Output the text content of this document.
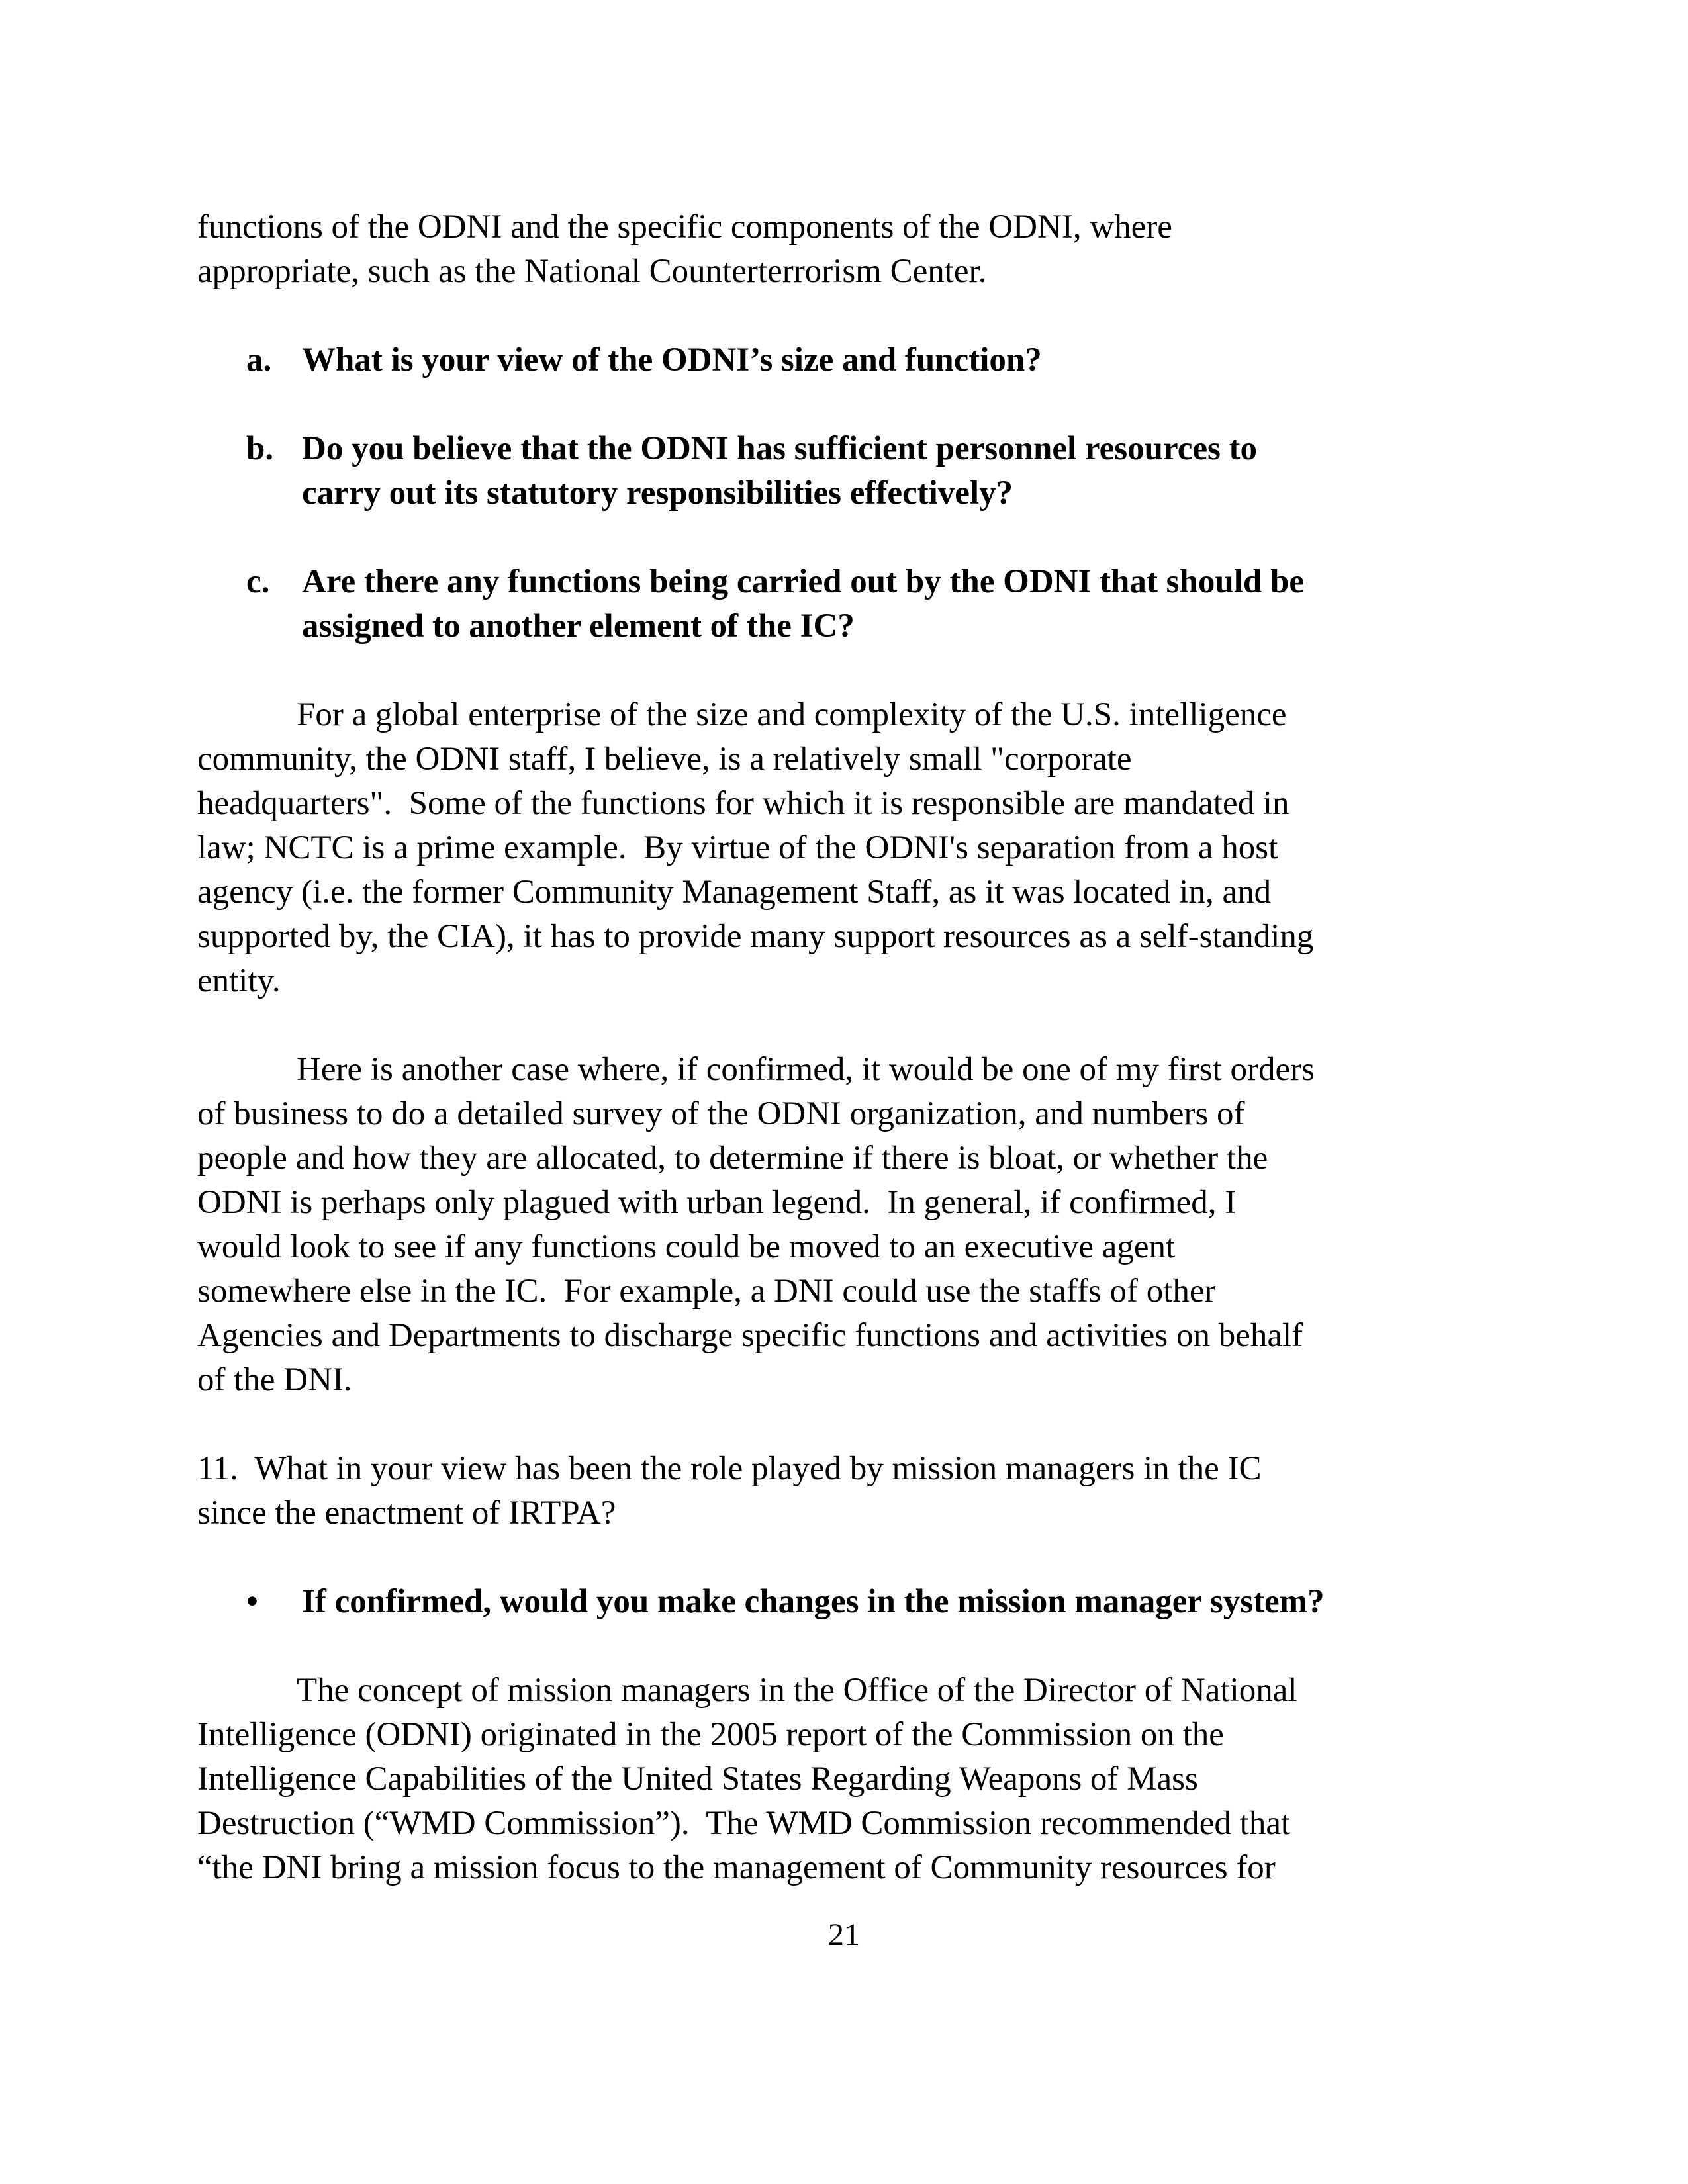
functions of the ODNI and the specific components of the ODNI, where
appropriate, such as the National Counterterrorism Center.

a. What is your view of the ODNI’s size and function?
b. Do you believe that the ODNI has sufficient personnel resources to
carry out its statutory responsibilities effectively?
c. Are there any functions being carried out by the ODNI that should be
assigned to another element of the IC?

For a global enterprise of the size and complexity of the U.S. intelligence
community, the ODNI staff, I believe, is a relatively small "corporate
headquarters".  Some of the functions for which it is responsible are mandated in
law; NCTC is a prime example.  By virtue of the ODNI's separation from a host
agency (i.e. the former Community Management Staff, as it was located in, and
supported by, the CIA), it has to provide many support resources as a self-standing
entity.

Here is another case where, if confirmed, it would be one of my first orders
of business to do a detailed survey of the ODNI organization, and numbers of
people and how they are allocated, to determine if there is bloat, or whether the
ODNI is perhaps only plagued with urban legend.  In general, if confirmed, I
would look to see if any functions could be moved to an executive agent
somewhere else in the IC.  For example, a DNI could use the staffs of other
Agencies and Departments to discharge specific functions and activities on behalf
of the DNI.

11.  What in your view has been the role played by mission managers in the IC
since the enactment of IRTPA?

•	If confirmed, would you make changes in the mission manager system?

The concept of mission managers in the Office of the Director of National
Intelligence (ODNI) originated in the 2005 report of the Commission on the
Intelligence Capabilities of the United States Regarding Weapons of Mass
Destruction (“WMD Commission”).  The WMD Commission recommended that
“the DNI bring a mission focus to the management of Community resources for

21
